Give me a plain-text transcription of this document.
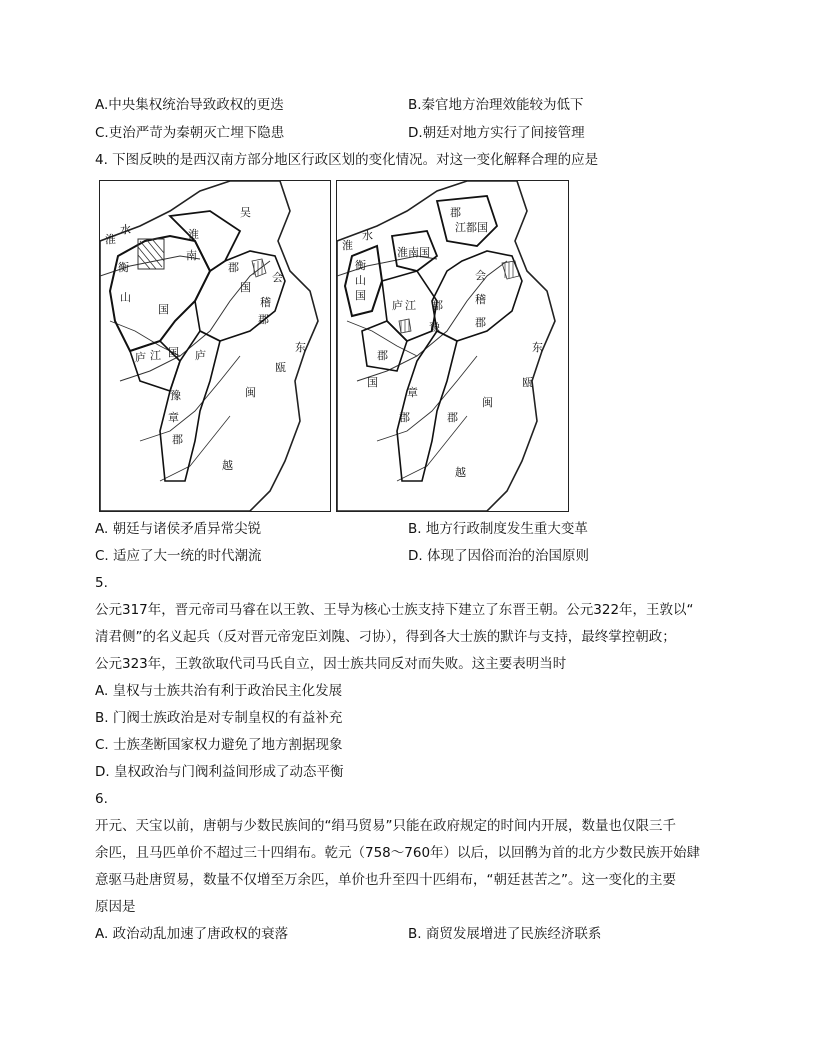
A.中央集权统治导致政权的更迭	B.秦官地方治理效能较为低下
C.吏治严苛为秦朝灭亡埋下隐患	D.朝廷对地方实行了间接管理
4. 下图反映的是西汉南方部分地区行政区划的变化情况。对这一变化解释合理的应是
吴
淮
淮
水
南
衡
山
国
郡
国
会
稽
郡
庐 江 国
豫
章
郡
东
瓯
闽
越
庐
郡
江都国
淮
水
淮南国
衡
山
国
会
稽
庐 江 郡
郡
豫
郡
章
郡
东
瓯
闽
越
国
郡
A. 朝廷与诸侯矛盾异常尖锐	B. 地方行政制度发生重大变革
C. 适应了大一统的时代潮流	D. 体现了因俗而治的治国原则
5.
公元317年，晋元帝司马睿在以王敦、王导为核心士族支持下建立了东晋王朝。公元322年，王敦以“
清君侧”的名义起兵（反对晋元帝宠臣刘隗、刁协），得到各大士族的默许与支持，最终掌控朝政；
公元323年，王敦欲取代司马氏自立，因士族共同反对而失败。这主要表明当时
A. 皇权与士族共治有利于政治民主化发展
B. 门阀士族政治是对专制皇权的有益补充
C. 士族垄断国家权力避免了地方割据现象
D. 皇权政治与门阀利益间形成了动态平衡
6.
开元、天宝以前，唐朝与少数民族间的“绢马贸易”只能在政府规定的时间内开展，数量也仅限三千
余匹，且马匹单价不超过三十四绢布。乾元（758～760年）以后，以回鹘为首的北方少数民族开始肆
意驱马赴唐贸易，数量不仅增至万余匹，单价也升至四十匹绢布，“朝廷甚苦之”。这一变化的主要
原因是
A. 政治动乱加速了唐政权的衰落	B. 商贸发展增进了民族经济联系
